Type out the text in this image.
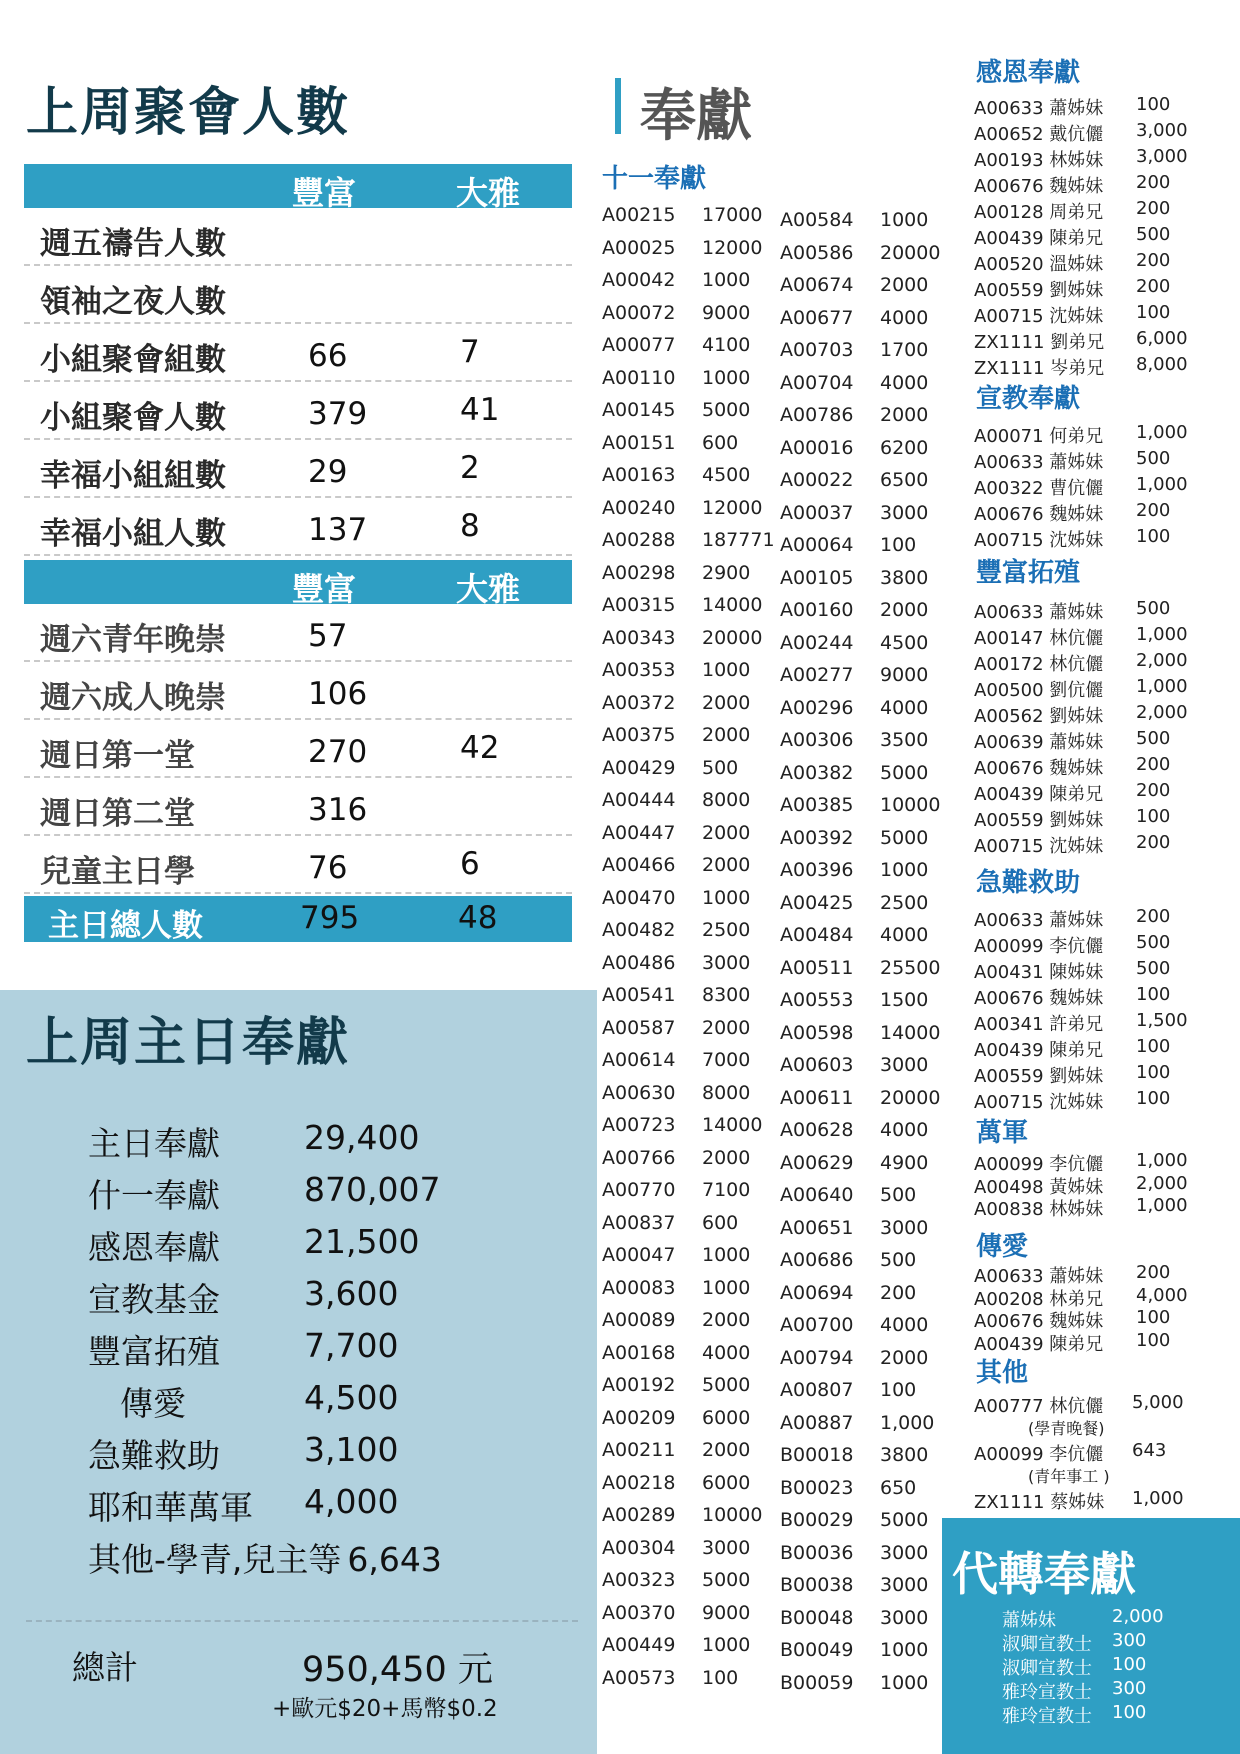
上周聚會人數
豐富	大雅
週五禱告人數
領袖之夜人數
小組聚會組數	66	7
小組聚會人數	379	41
幸福小組組數	29	2
幸福小組人數	137	8
豐富	大雅
週六青年晚崇	57
週六成人晚崇	106
週日第一堂	270	42
週日第二堂	316
兒童主日學	76	6
主日總人數	795	48
上周主日奉獻
主日奉獻	29,400
什一奉獻	870,007
感恩奉獻	21,500
宣教基金	3,600
豐富拓殖	7,700
傳愛	4,500
急難救助	3,100
耶和華萬軍 4,000
其他-學青,兒主等 6,643
總計	950,450 元
+歐元$20+馬幣$0.2
奉獻
十一奉獻
A00215 17000
A00025 12000
A00042 1000
A00072 9000
A00077 4100
A00110 1000
A00145 5000
A00151 600
A00163 4500
A00240 12000
A00288 187771
A00298 2900
A00315 14000
A00343 20000
A00353 1000
A00372 2000
A00375 2000
A00429 500
A00444 8000
A00447 2000
A00466 2000
A00470 1000
A00482 2500
A00486 3000
A00541 8300
A00587 2000
A00614 7000
A00630 8000
A00723 14000
A00766 2000
A00770 7100
A00837 600
A00047 1000
A00083 1000
A00089 2000
A00168 4000
A00192 5000
A00209 6000
A00211 2000
A00218 6000
A00289 10000
A00304 3000
A00323 5000
A00370 9000
A00449 1000
A00573 100
A00584 1000
A00586 20000
A00674 2000
A00677 4000
A00703 1700
A00704 4000
A00786 2000
A00016 6200
A00022 6500
A00037 3000
A00064 100
A00105 3800
A00160 2000
A00244 4500
A00277 9000
A00296 4000
A00306 3500
A00382 5000
A00385 10000
A00392 5000
A00396 1000
A00425 2500
A00484 4000
A00511 25500
A00553 1500
A00598 14000
A00603 3000
A00611 20000
A00628 4000
A00629 4900
A00640 500
A00651 3000
A00686 500
A00694 200
A00700 4000
A00794 2000
A00807 100
A00887 1,000
B00018 3800
B00023 650
B00029 5000
B00036 3000
B00038 3000
B00048 3000
B00049 1000
B00059 1000
感恩奉獻
A00633 蕭姊妹 100
A00652 戴伉儷 3,000
A00193 林姊妹 3,000
A00676 魏姊妹 200
A00128 周弟兄 200
A00439 陳弟兄 500
A00520 溫姊妹 200
A00559 劉姊妹 200
A00715 沈姊妹 100
ZX1111 劉弟兄 6,000
ZX1111 岑弟兄 8,000
宣教奉獻
A00071 何弟兄 1,000
A00633 蕭姊妹 500
A00322 曹伉儷 1,000
A00676 魏姊妹 200
A00715 沈姊妹 100
豐富拓殖
A00633 蕭姊妹 500
A00147 林伉儷 1,000
A00172 林伉儷 2,000
A00500 劉伉儷 1,000
A00562 劉姊妹 2,000
A00639 蕭姊妹 500
A00676 魏姊妹 200
A00439 陳弟兄 200
A00559 劉姊妹 100
A00715 沈姊妹 200
急難救助
A00633 蕭姊妹 200
A00099 李伉儷 500
A00431 陳姊妹 500
A00676 魏姊妹 100
A00341 許弟兄 1,500
A00439 陳弟兄 100
A00559 劉姊妹 100
A00715 沈姊妹 100
萬軍
A00099 李伉儷 1,000
A00498 黃姊妹 2,000
A00838 林姊妹 1,000
傳愛
A00633 蕭姊妹 200
A00208 林弟兄 4,000
A00676 魏姊妹 100
A00439 陳弟兄 100
其他
A00777 林伉儷 5,000
(學青晚餐)
A00099 李伉儷 643
(青年事工 )
ZX1111 蔡姊妹 1,000
代轉奉獻
蕭姊妹	2,000
淑卿宣教士 300
淑卿宣教士 100
雅玲宣教士 300
雅玲宣教士 100
